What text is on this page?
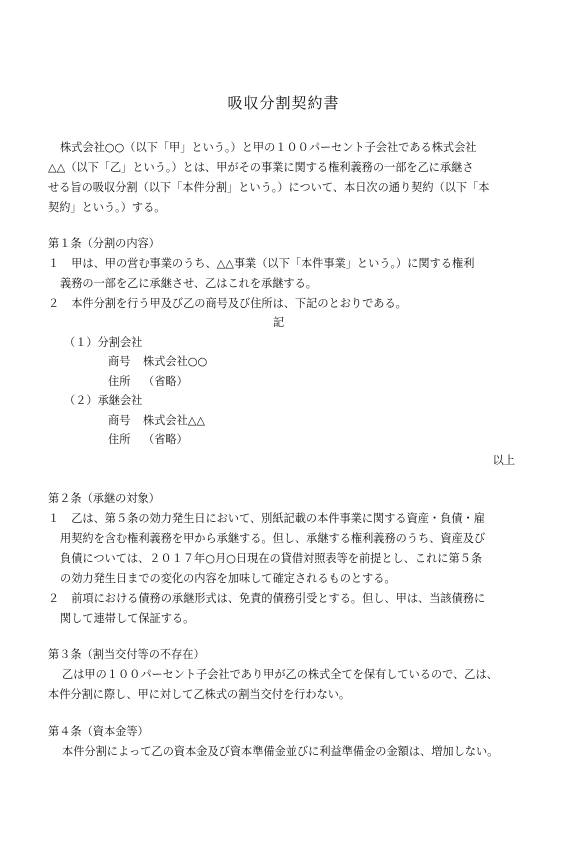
吸収分割契約書
株式会社○○（以下「甲」という。）と甲の１００パーセント子会社である株式会社
△△（以下「乙」という。）とは、甲がその事業に関する権利義務の一部を乙に承継さ
せる旨の吸収分割（以下「本件分割」という。）について、本日次の通り契約（以下「本
契約」という。）する。
第１条（分割の内容）
１ 甲は、甲の営む事業のうち、△△事業（以下「本件事業」という。）に関する権利
義務の一部を乙に承継させ、乙はこれを承継する。
２ 本件分割を行う甲及び乙の商号及び住所は、下記のとおりである。
記
（１）分割会社
商号 株式会社○○
住所 （省略）
（２）承継会社
商号 株式会社△△
住所 （省略）
以上
第２条（承継の対象）
１ 乙は、第５条の効力発生日において、別紙記載の本件事業に関する資産・負債・雇
用契約を含む権利義務を甲から承継する。但し、承継する権利義務のうち、資産及び
負債については、２０１７年○月○日現在の貸借対照表等を前提とし、これに第５条
の効力発生日までの変化の内容を加味して確定されるものとする。
２ 前項における債務の承継形式は、免責的債務引受とする。但し、甲は、当該債務に
関して連帯して保証する。
第３条（割当交付等の不存在）
乙は甲の１００パーセント子会社であり甲が乙の株式全てを保有しているので、乙は、
本件分割に際し、甲に対して乙株式の割当交付を行わない。
第４条（資本金等）
本件分割によって乙の資本金及び資本準備金並びに利益準備金の金額は、増加しない。
